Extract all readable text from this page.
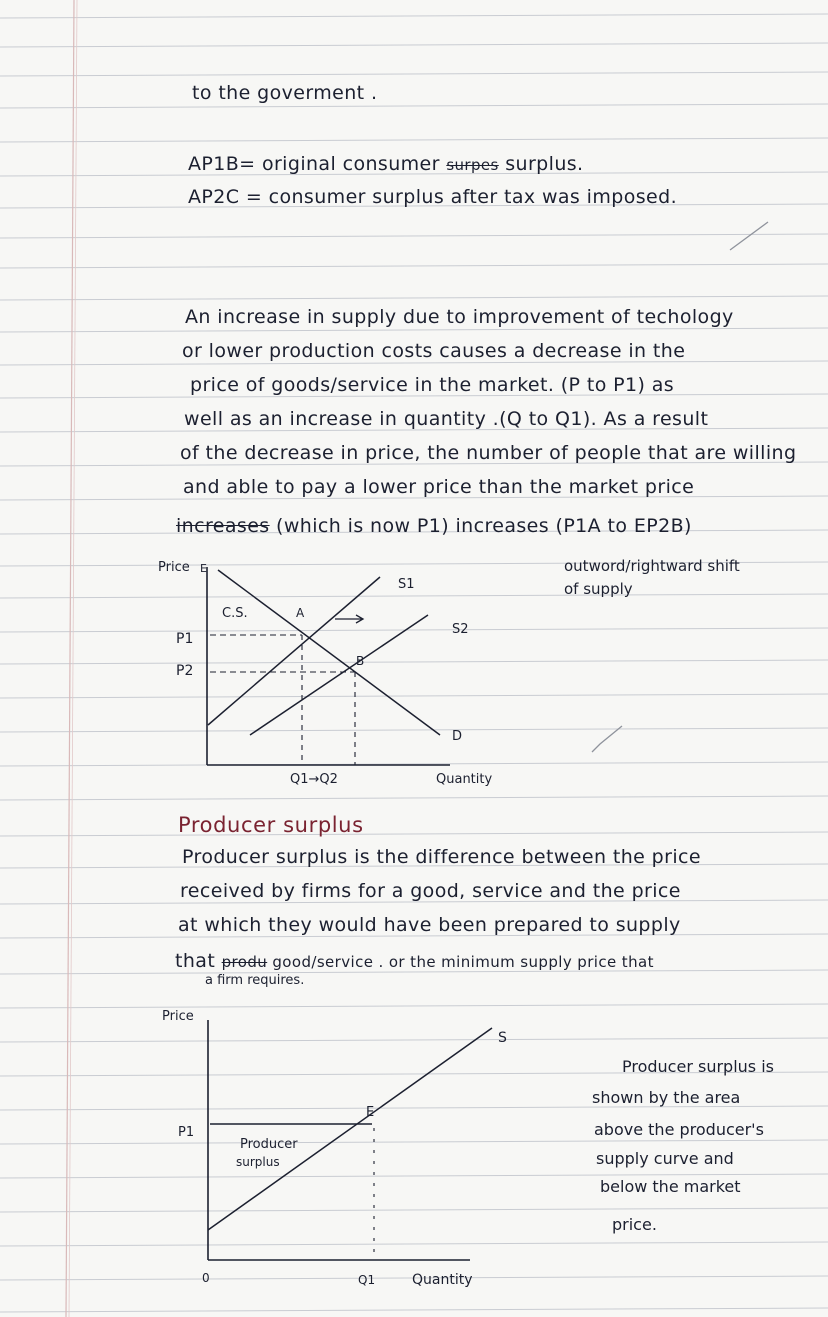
to the goverment .
AP1B= original consumer surpes surplus.
AP2C = consumer surplus after tax was imposed.
An increase in supply due to improvement of techology
or lower production costs causes a decrease in the
price of goods/service in the market. (P to P1) as
well as an increase in quantity .(Q to Q1). As a result
of the decrease in price, the number of people that are willing
and able to pay a lower price than the market price
increases (which is now P1) increases (P1A to EP2B)
Price E
S1
S2
C.S.	A
B
P1
P2
D
Q1→Q2	Quantity
outword/rightward shift
of supply
Producer surplus
Producer surplus is the difference between the price
received by firms for a good, service and the price
at which they would have been prepared to supply
that produ good/service . or the minimum supply price that
a firm requires.
Price
S
E
P1
0
Producer
surplus
Q1	Quantity
Producer surplus is
shown by the area
above the producer's
supply curve and
below the market
price.
